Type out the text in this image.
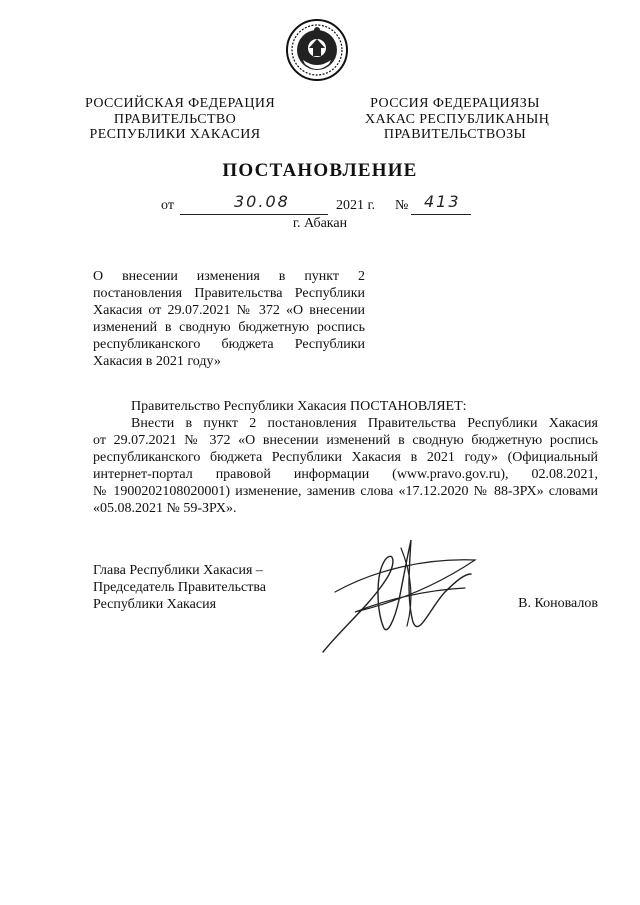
РОССИЙСКАЯ ФЕДЕРАЦИЯ
ПРАВИТЕЛЬСТВО
РЕСПУБЛИКИ ХАКАСИЯ
РОССИЯ ФЕДЕРАЦИЯЗЫ
ХАКАС РЕСПУБЛИКАНЫҢ
ПРАВИТЕЛЬСТВОЗЫ
ПОСТАНОВЛЕНИЕ
от	30.08	2021 г. № 413
г. Абакан
О внесении изменения в пункт 2
постановления Правительства Республики
Хакасия от 29.07.2021 № 372 «О внесении
изменений в сводную бюджетную роспись
республиканского бюджета Республики
Хакасия в 2021 году»
Правительство Республики Хакасия ПОСТАНОВЛЯЕТ:
Внести в пункт 2 постановления Правительства Республики Хакасия
от 29.07.2021 № 372 «О внесении изменений в сводную бюджетную роспись
республиканского бюджета Республики Хакасия в 2021 году» (Официальный
интернет-портал правовой информации (www.pravo.gov.ru), 02.08.2021,
№ 1900202108020001) изменение, заменив слова «17.12.2020 № 88-ЗРХ» словами
«05.08.2021 № 59-ЗРХ».
Глава Республики Хакасия –
Председатель Правительства
Республики Хакасия	В. Коновалов
